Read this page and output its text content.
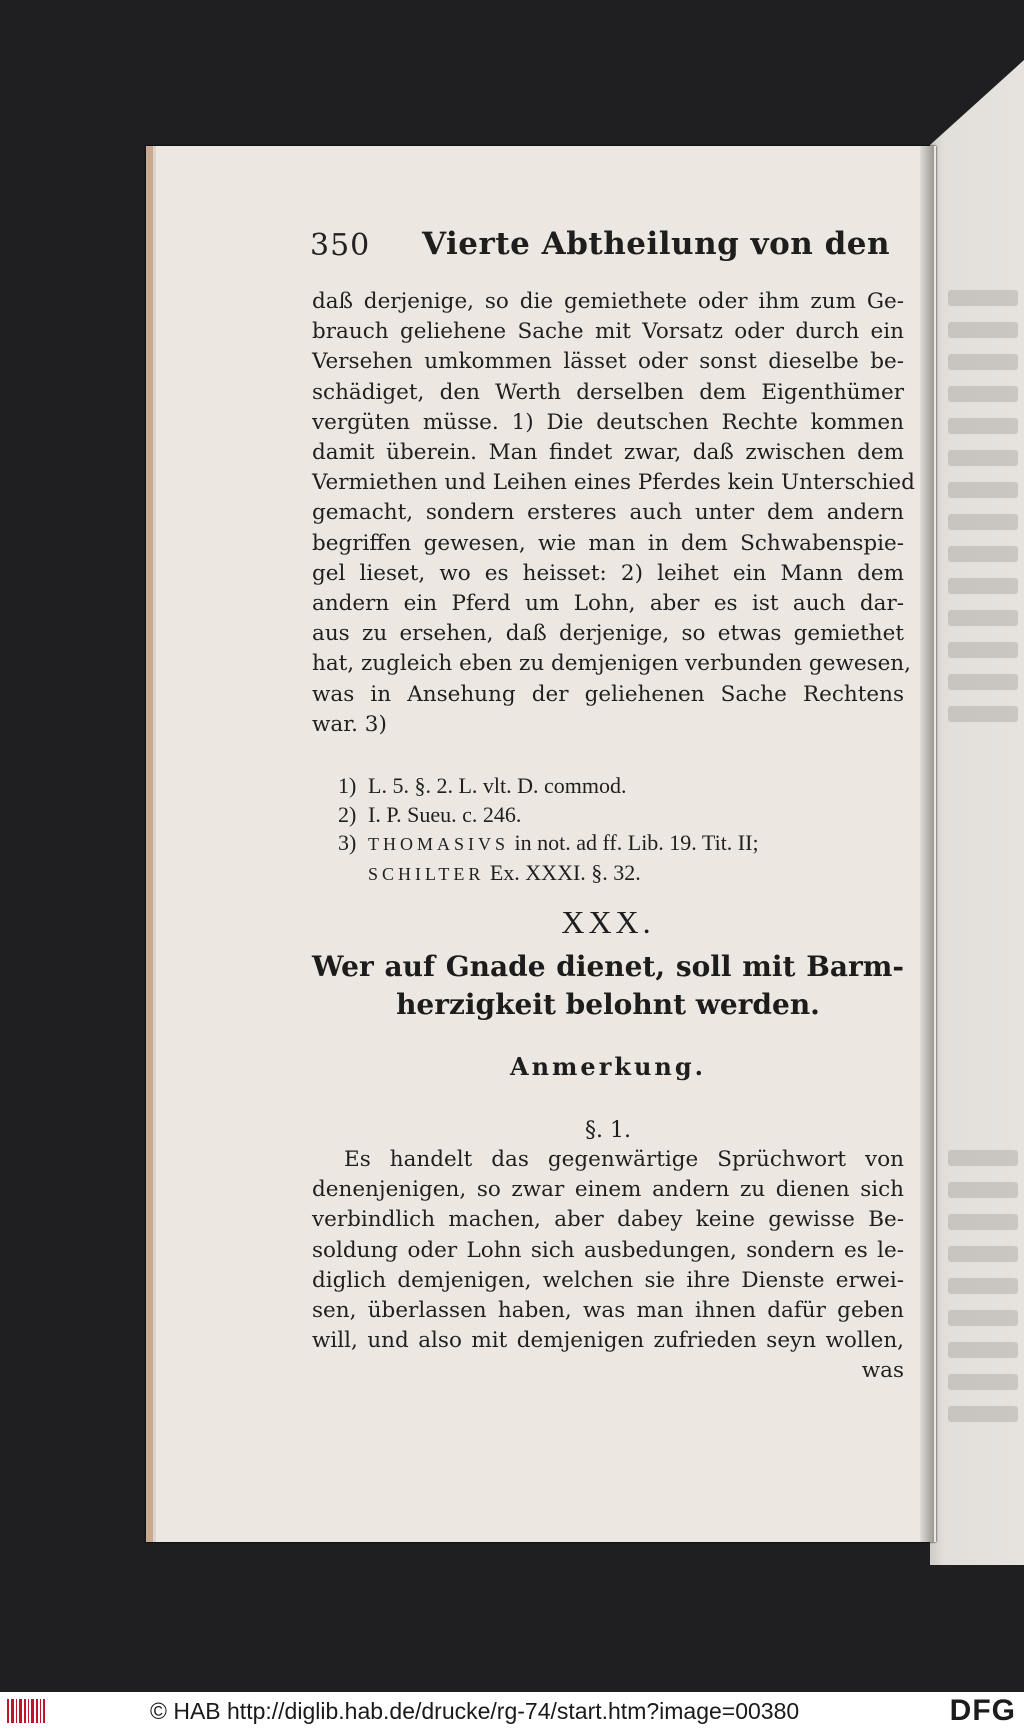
350 Vierte Abtheilung von den
daß derjenige, so die gemiethete oder ihm zum Ge-
brauch geliehene Sache mit Vorsatz oder durch ein
Versehen umkommen lässet oder sonst dieselbe be-
schädiget, den Werth derselben dem Eigenthümer
vergüten müsse. 1) Die deutschen Rechte kommen
damit überein. Man findet zwar, daß zwischen dem
Vermiethen und Leihen eines Pferdes kein Unterschied
gemacht, sondern ersteres auch unter dem andern
begriffen gewesen, wie man in dem Schwabenspie-
gel lieset, wo es heisset: 2) leihet ein Mann dem
andern ein Pferd um Lohn, aber es ist auch dar-
aus zu ersehen, daß derjenige, so etwas gemiethet
hat, zugleich eben zu demjenigen verbunden gewesen,
was in Ansehung der geliehenen Sache Rechtens
war. 3)
1) L. 5. §. 2. L. vlt. D. commod.
2) I. P. Sueu. c. 246.
3) THOMASIVS in not. ad ff. Lib. 19. Tit. II;
SCHILTER Ex. XXXI. §. 32.
XXX.
Wer auf Gnade dienet, soll mit Barm-
herzigkeit belohnt werden.
Anmerkung.
§. 1.
Es handelt das gegenwärtige Sprüchwort von
denenjenigen, so zwar einem andern zu dienen sich
verbindlich machen, aber dabey keine gewisse Be-
soldung oder Lohn sich ausbedungen, sondern es le-
diglich demjenigen, welchen sie ihre Dienste erwei-
sen, überlassen haben, was man ihnen dafür geben
will, und also mit demjenigen zufrieden seyn wollen,
was
© HAB http://diglib.hab.de/drucke/rg-74/start.htm?image=00380	DFG
